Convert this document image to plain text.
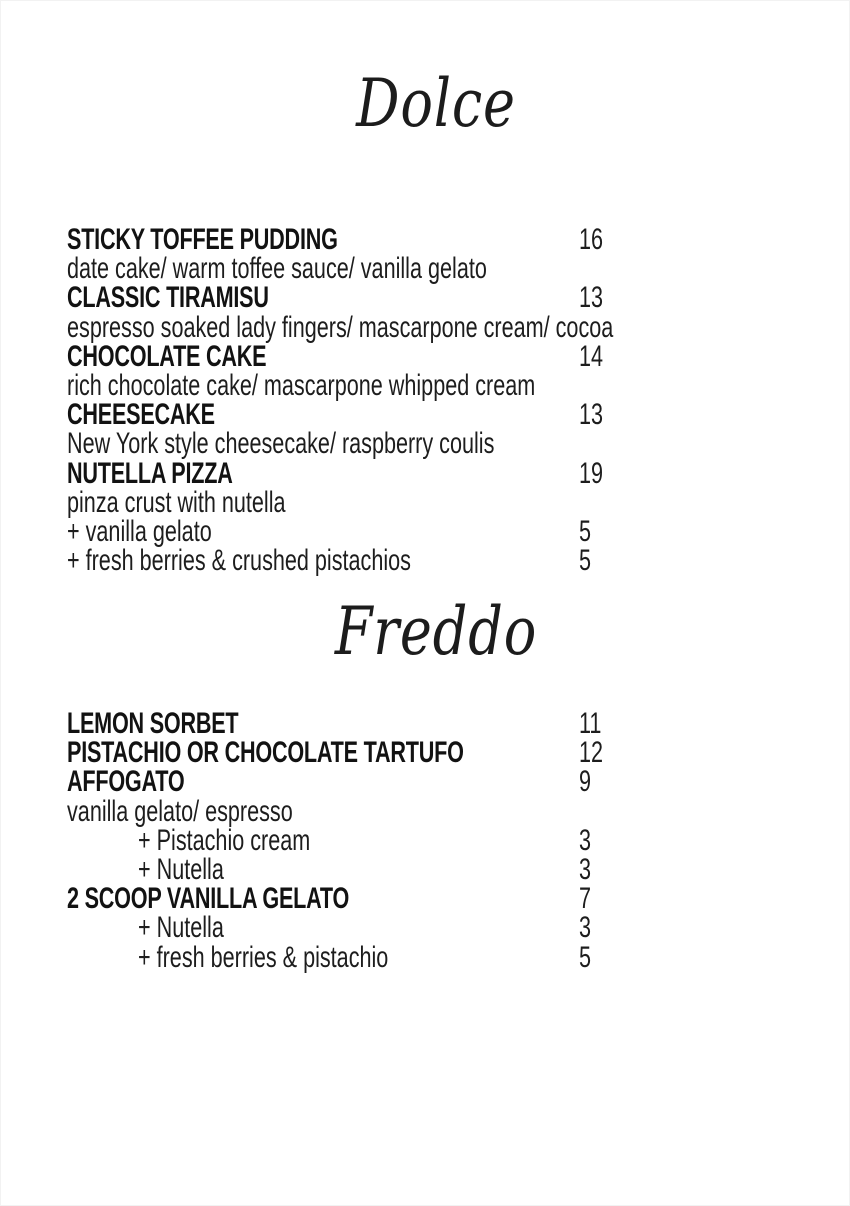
Dolce
STICKY TOFFEE PUDDING	16
date cake/ warm toffee sauce/ vanilla gelato
CLASSIC TIRAMISU	13
espresso soaked lady fingers/ mascarpone cream/ cocoa
CHOCOLATE CAKE	14
rich chocolate cake/ mascarpone whipped cream
CHEESECAKE	13
New York style cheesecake/ raspberry coulis
NUTELLA PIZZA	19
pinza crust with nutella
+ vanilla gelato	5
+ fresh berries & crushed pistachios	5
Freddo
LEMON SORBET	11
PISTACHIO OR CHOCOLATE TARTUFO	12
AFFOGATO	9
vanilla gelato/ espresso
+ Pistachio cream	3
+ Nutella	3
2 SCOOP VANILLA GELATO	7
+ Nutella	3
+ fresh berries & pistachio	5
